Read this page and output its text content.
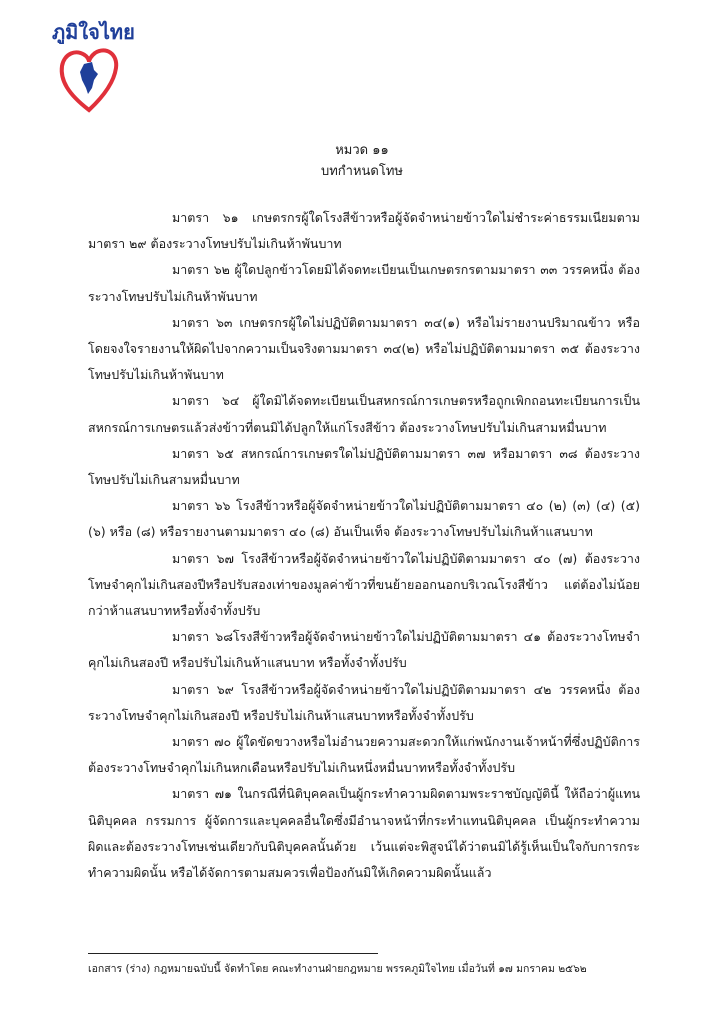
ภูมิใจไทย
หมวด ๑๑
บทกำหนดโทษ

มาตรา ๖๑ เกษตรกรผู้ใดโรงสีข้าวหรือผู้จัดจำหน่ายข้าวใดไม่ชำระค่าธรรมเนียมตามมาตรา ๒๙ ต้องระวางโทษปรับไม่เกินห้าพันบาท

มาตรา ๖๒ ผู้ใดปลูกข้าวโดยมิได้จดทะเบียนเป็นเกษตรกรตามมาตรา ๓๓ วรรคหนึ่ง ต้องระวางโทษปรับไม่เกินห้าพันบาท

มาตรา ๖๓ เกษตรกรผู้ใดไม่ปฏิบัติตามมาตรา ๓๔(๑) หรือไม่รายงานปริมาณข้าว หรือโดยจงใจรายงานให้ผิดไปจากความเป็นจริงตามมาตรา ๓๔(๒) หรือไม่ปฏิบัติตามมาตรา ๓๕ ต้องระวางโทษปรับไม่เกินห้าพันบาท

มาตรา ๖๔ ผู้ใดมิได้จดทะเบียนเป็นสหกรณ์การเกษตรหรือถูกเพิกถอนทะเบียนการเป็นสหกรณ์การเกษตรแล้วส่งข้าวที่ตนมิได้ปลูกให้แก่โรงสีข้าว ต้องระวางโทษปรับไม่เกินสามหมื่นบาท

มาตรา ๖๕ สหกรณ์การเกษตรใดไม่ปฏิบัติตามมาตรา ๓๗ หรือมาตรา ๓๘ ต้องระวางโทษปรับไม่เกินสามหมื่นบาท

มาตรา ๖๖ โรงสีข้าวหรือผู้จัดจำหน่ายข้าวใดไม่ปฏิบัติตามมาตรา ๔๐ (๒) (๓) (๔) (๕) (๖) หรือ (๘) หรือรายงานตามมาตรา ๔๐ (๘) อันเป็นเท็จ ต้องระวางโทษปรับไม่เกินห้าแสนบาท

มาตรา ๖๗ โรงสีข้าวหรือผู้จัดจำหน่ายข้าวใดไม่ปฏิบัติตามมาตรา ๔๐ (๗) ต้องระวางโทษจำคุกไม่เกินสองปีหรือปรับสองเท่าของมูลค่าข้าวที่ขนย้ายออกนอกบริเวณโรงสีข้าว แต่ต้องไม่น้อยกว่าห้าแสนบาทหรือทั้งจำทั้งปรับ

มาตรา ๖๘โรงสีข้าวหรือผู้จัดจำหน่ายข้าวใดไม่ปฏิบัติตามมาตรา ๔๑ ต้องระวางโทษจำคุกไม่เกินสองปี หรือปรับไม่เกินห้าแสนบาท หรือทั้งจำทั้งปรับ

มาตรา ๖๙ โรงสีข้าวหรือผู้จัดจำหน่ายข้าวใดไม่ปฏิบัติตามมาตรา ๔๒ วรรคหนึ่ง ต้องระวางโทษจำคุกไม่เกินสองปี หรือปรับไม่เกินห้าแสนบาทหรือทั้งจำทั้งปรับ

มาตรา ๗๐ ผู้ใดขัดขวางหรือไม่อำนวยความสะดวกให้แก่พนักงานเจ้าหน้าที่ซึ่งปฏิบัติการต้องระวางโทษจำคุกไม่เกินหกเดือนหรือปรับไม่เกินหนึ่งหมื่นบาทหรือทั้งจำทั้งปรับ

มาตรา ๗๑ ในกรณีที่นิติบุคคลเป็นผู้กระทำความผิดตามพระราชบัญญัตินี้ ให้ถือว่าผู้แทนนิติบุคคล กรรมการ ผู้จัดการและบุคคลอื่นใดซึ่งมีอำนาจหน้าที่กระทำแทนนิติบุคคล เป็นผู้กระทำความผิดและต้องระวางโทษเช่นเดียวกับนิติบุคคลนั้นด้วย เว้นแต่จะพิสูจน์ได้ว่าตนมิได้รู้เห็นเป็นใจกับการกระทำความผิดนั้น หรือได้จัดการตามสมควรเพื่อป้องกันมิให้เกิดความผิดนั้นแล้ว

เอกสาร (ร่าง) กฎหมายฉบับนี้ จัดทำโดย คณะทำงานฝ่ายกฎหมาย พรรคภูมิใจไทย เมื่อวันที่ ๑๗ มกราคม ๒๕๖๒
